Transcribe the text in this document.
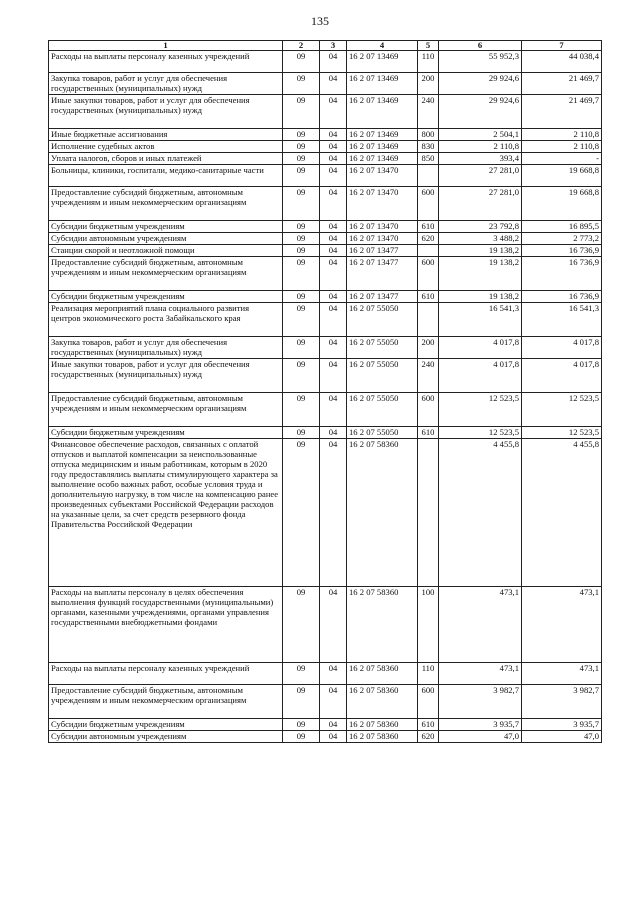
135
1	2	3	4	5	6	7
Расходы на выплаты персоналу казенных учреждений	09	04	16 2 07 13469	110	55 952,3	44 038,4
Закупка товаров, работ и услуг для обеспечения государственных (муниципальных) нужд	09	04	16 2 07 13469	200	29 924,6	21 469,7
Иные закупки товаров, работ и услуг для обеспечения государственных (муниципальных) нужд	09	04	16 2 07 13469	240	29 924,6	21 469,7
Иные бюджетные ассигнования	09	04	16 2 07 13469	800	2 504,1	2 110,8
Исполнение судебных актов	09	04	16 2 07 13469	830	2 110,8	2 110,8
Уплата налогов, сборов и иных платежей	09	04	16 2 07 13469	850	393,4	-
Больницы, клиники, госпитали, медико-санитарные части	09	04	16 2 07 13470		27 281,0	19 668,8
Предоставление субсидий бюджетным, автономным учреждениям и иным некоммерческим организациям	09	04	16 2 07 13470	600	27 281,0	19 668,8
Субсидии бюджетным учреждениям	09	04	16 2 07 13470	610	23 792,8	16 895,5
Субсидии автономным учреждениям	09	04	16 2 07 13470	620	3 488,2	2 773,2
Станции скорой и неотложной помощи	09	04	16 2 07 13477		19 138,2	16 736,9
Предоставление субсидий бюджетным, автономным учреждениям и иным некоммерческим организациям	09	04	16 2 07 13477	600	19 138,2	16 736,9
Субсидии бюджетным учреждениям	09	04	16 2 07 13477	610	19 138,2	16 736,9
Реализация мероприятий плана социального развития центров экономического роста Забайкальского края	09	04	16 2 07 55050		16 541,3	16 541,3
Закупка товаров, работ и услуг для обеспечения государственных (муниципальных) нужд	09	04	16 2 07 55050	200	4 017,8	4 017,8
Иные закупки товаров, работ и услуг для обеспечения государственных (муниципальных) нужд	09	04	16 2 07 55050	240	4 017,8	4 017,8
Предоставление субсидий бюджетным, автономным учреждениям и иным некоммерческим организациям	09	04	16 2 07 55050	600	12 523,5	12 523,5
Субсидии бюджетным учреждениям	09	04	16 2 07 55050	610	12 523,5	12 523,5
Финансовое обеспечение расходов, связанных с оплатой отпусков и выплатой компенсации за неиспользованные отпуска медицинским и иным работникам, которым в 2020 году предоставлялись выплаты стимулирующего характера за выполнение особо важных работ, особые условия труда и дополнительную нагрузку, в том числе на компенсацию ранее произведенных субъектами Российской Федерации расходов на указанные цели, за счет средств резервного фонда Правительства Российской Федерации	09	04	16 2 07 58360		4 455,8	4 455,8
Расходы на выплаты персоналу в целях обеспечения выполнения функций государственными (муниципальными) органами, казенными учреждениями, органами управления государственными внебюджетными фондами	09	04	16 2 07 58360	100	473,1	473,1
Расходы на выплаты персоналу казенных учреждений	09	04	16 2 07 58360	110	473,1	473,1
Предоставление субсидий бюджетным, автономным учреждениям и иным некоммерческим организациям	09	04	16 2 07 58360	600	3 982,7	3 982,7
Субсидии бюджетным учреждениям	09	04	16 2 07 58360	610	3 935,7	3 935,7
Субсидии автономным учреждениям	09	04	16 2 07 58360	620	47,0	47,0
